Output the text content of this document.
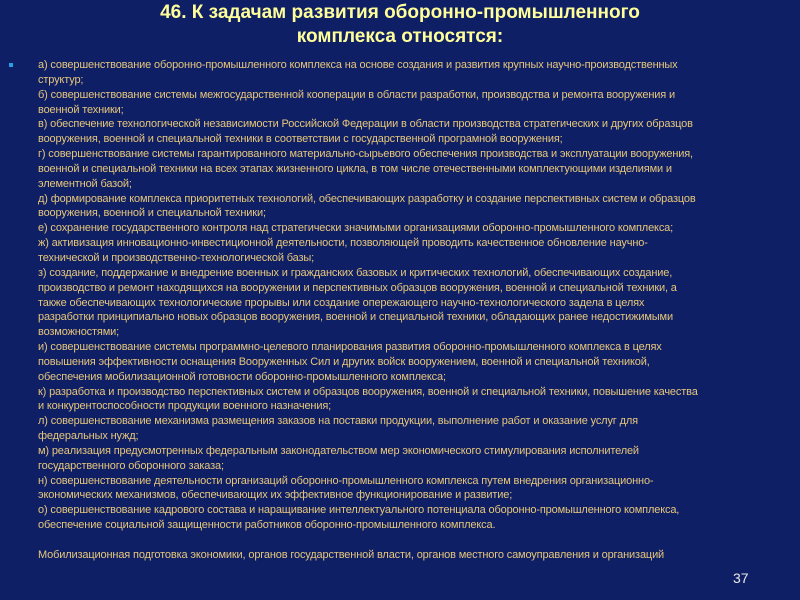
46. К задачам развития оборонно-промышленного
комплекса относятся:
а) совершенствование оборонно-промышленного комплекса на основе создания и развития крупных научно-производственных
структур;
б) совершенствование системы межгосударственной кооперации в области разработки, производства и ремонта вооружения и
военной техники;
в) обеспечение технологической независимости Российской Федерации в области производства стратегических и других образцов
вооружения, военной и специальной техники в соответствии с государственной програмной вооружения;
г) совершенствование системы гарантированного материально-сырьевого обеспечения производства и эксплуатации вооружения,
военной и специальной техники на всех этапах жизненного цикла, в том числе отечественными комплектующими изделиями и
элементной базой;
д) формирование комплекса приоритетных технологий, обеспечивающих разработку и создание перспективных систем и образцов
вооружения, военной и специальной техники;
е) сохранение государственного контроля над стратегически значимыми организациями оборонно-промышленного комплекса;
ж) активизация инновационно-инвестиционной деятельности, позволяющей проводить качественное обновление научно-
технической и производственно-технологической базы;
з) создание, поддержание и внедрение военных и гражданских базовых и критических технологий, обеспечивающих создание,
производство и ремонт находящихся на вооружении и перспективных образцов вооружения, военной и специальной техники, а
также обеспечивающих технологические прорывы или создание опережающего научно-технологического задела в целях
разработки принципиально новых образцов вооружения, военной и специальной техники, обладающих ранее недостижимыми
возможностями;
и) совершенствование системы программно-целевого планирования развития оборонно-промышленного комплекса в целях
повышения эффективности оснащения Вооруженных Сил и других войск вооружением, военной и специальной техникой,
обеспечения мобилизационной готовности оборонно-промышленного комплекса;
к) разработка и производство перспективных систем и образцов вооружения, военной и специальной техники, повышение качества
и конкурентоспособности продукции военного назначения;
л) совершенствование механизма размещения заказов на поставки продукции, выполнение работ и оказание услуг для
федеральных нужд;
м) реализация предусмотренных федеральным законодательством мер экономического стимулирования исполнителей
государственного оборонного заказа;
н) совершенствование деятельности организаций оборонно-промышленного комплекса путем внедрения организационно-
экономических механизмов, обеспечивающих их эффективное функционирование и развитие;
о) совершенствование кадрового состава и наращивание интеллектуального потенциала оборонно-промышленного комплекса,
обеспечение социальной защищенности работников оборонно-промышленного комплекса.
Мобилизационная подготовка экономики, органов государственной власти, органов местного самоуправления и организаций
37
